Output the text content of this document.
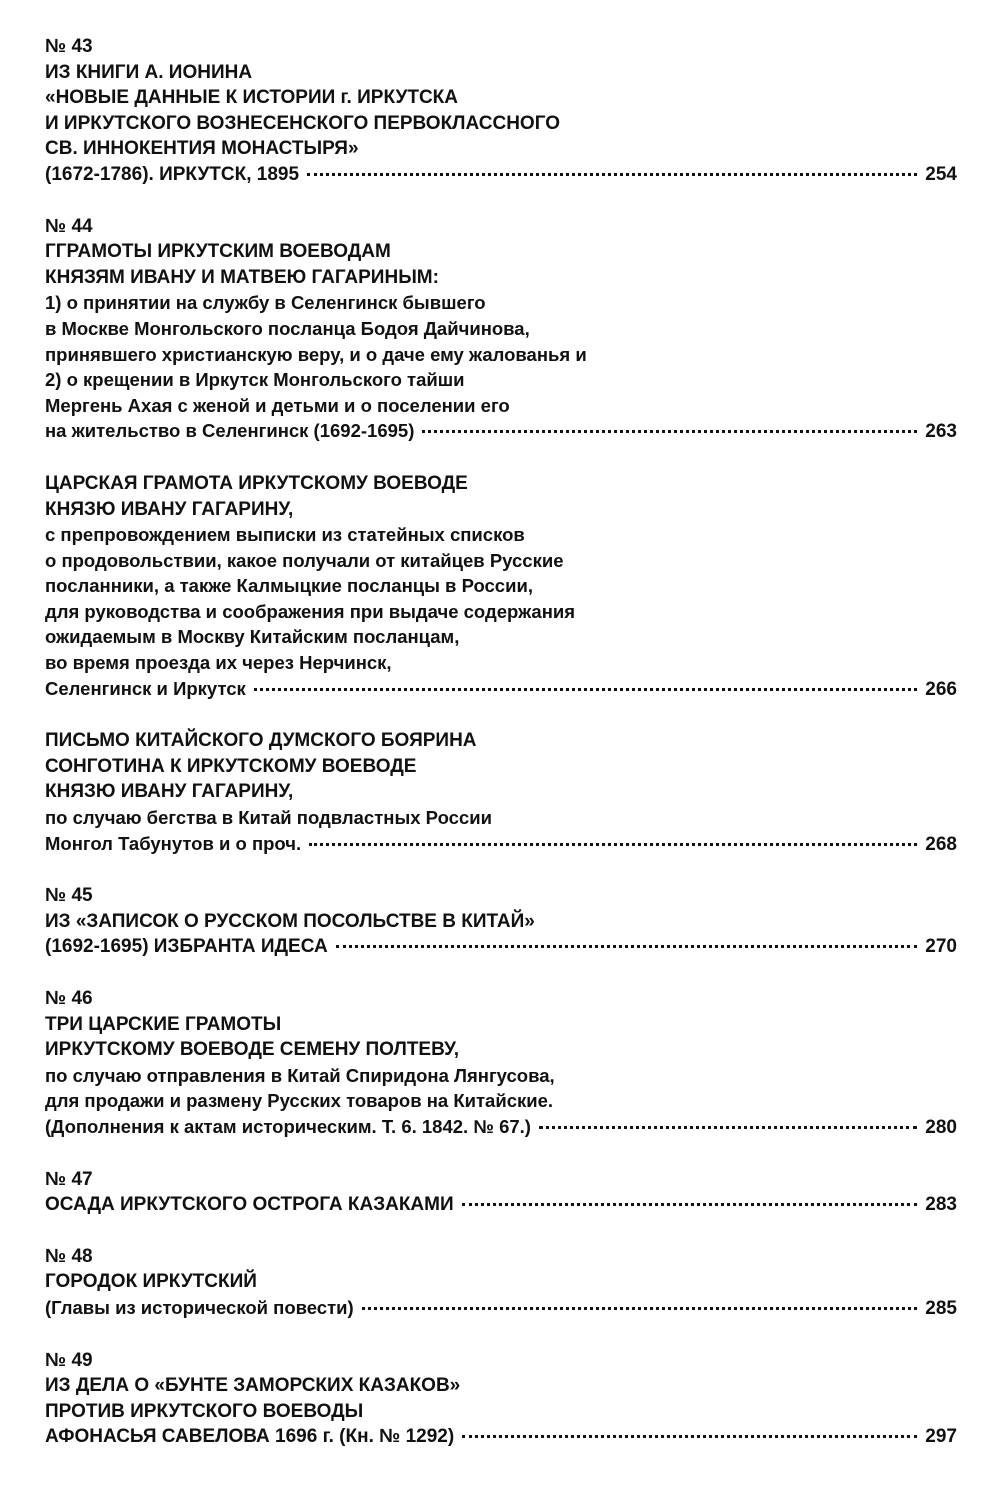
№ 43
ИЗ КНИГИ А. ИОНИНА
«НОВЫЕ ДАННЫЕ К ИСТОРИИ г. ИРКУТСКА
И ИРКУТСКОГО ВОЗНЕСЕНСКОГО ПЕРВОКЛАССНОГО
СВ. ИННОКЕНТИЯ МОНАСТЫРЯ»
(1672-1786). ИРКУТСК, 1895	254
№ 44
ГГРАМОТЫ ИРКУТСКИМ ВОЕВОДАМ
КНЯЗЯМ ИВАНУ И МАТВЕЮ ГАГАРИНЫМ:
1) о принятии на службу в Селенгинск бывшего
в Москве Монгольского посланца Бодоя Дайчинова,
принявшего христианскую веру, и о даче ему жалованья и
2) о крещении в Иркутск Монгольского тайши
Мергень Ахая с женой и детьми и о поселении его
на жительство в Селенгинск (1692-1695)	263
ЦАРСКАЯ ГРАМОТА ИРКУТСКОМУ ВОЕВОДЕ
КНЯЗЮ ИВАНУ ГАГАРИНУ,
с препровождением выписки из статейных списков
о продовольствии, какое получали от китайцев Русские
посланники, а также Калмыцкие посланцы в России,
для руководства и соображения при выдаче содержания
ожидаемым в Москву Китайским посланцам,
во время проезда их через Нерчинск,
Селенгинск и Иркутск	266
ПИСЬМО КИТАЙСКОГО ДУМСКОГО БОЯРИНА
СОНГОТИНА К ИРКУТСКОМУ ВОЕВОДЕ
КНЯЗЮ ИВАНУ ГАГАРИНУ,
по случаю бегства в Китай подвластных России
Монгол Табунутов и о проч.	268
№ 45
ИЗ «ЗАПИСОК О РУССКОМ ПОСОЛЬСТВЕ В КИТАЙ»
(1692-1695) ИЗБРАНТА ИДЕСА	270
№ 46
ТРИ ЦАРСКИЕ ГРАМОТЫ
ИРКУТСКОМУ ВОЕВОДЕ СЕМЕНУ ПОЛТЕВУ,
по случаю отправления в Китай Спиридона Лянгусова,
для продажи и размену Русских товаров на Китайские.
(Дополнения к актам историческим. Т. 6. 1842. № 67.)	280
№ 47
ОСАДА ИРКУТСКОГО ОСТРОГА КАЗАКАМИ	283
№ 48
ГОРОДОК ИРКУТСКИЙ
(Главы из исторической повести)	285
№ 49
ИЗ ДЕЛА О «БУНТЕ ЗАМОРСКИХ КАЗАКОВ»
ПРОТИВ ИРКУТСКОГО ВОЕВОДЫ
АФОНАСЬЯ САВЕЛОВА 1696 г. (Кн. № 1292)	297
